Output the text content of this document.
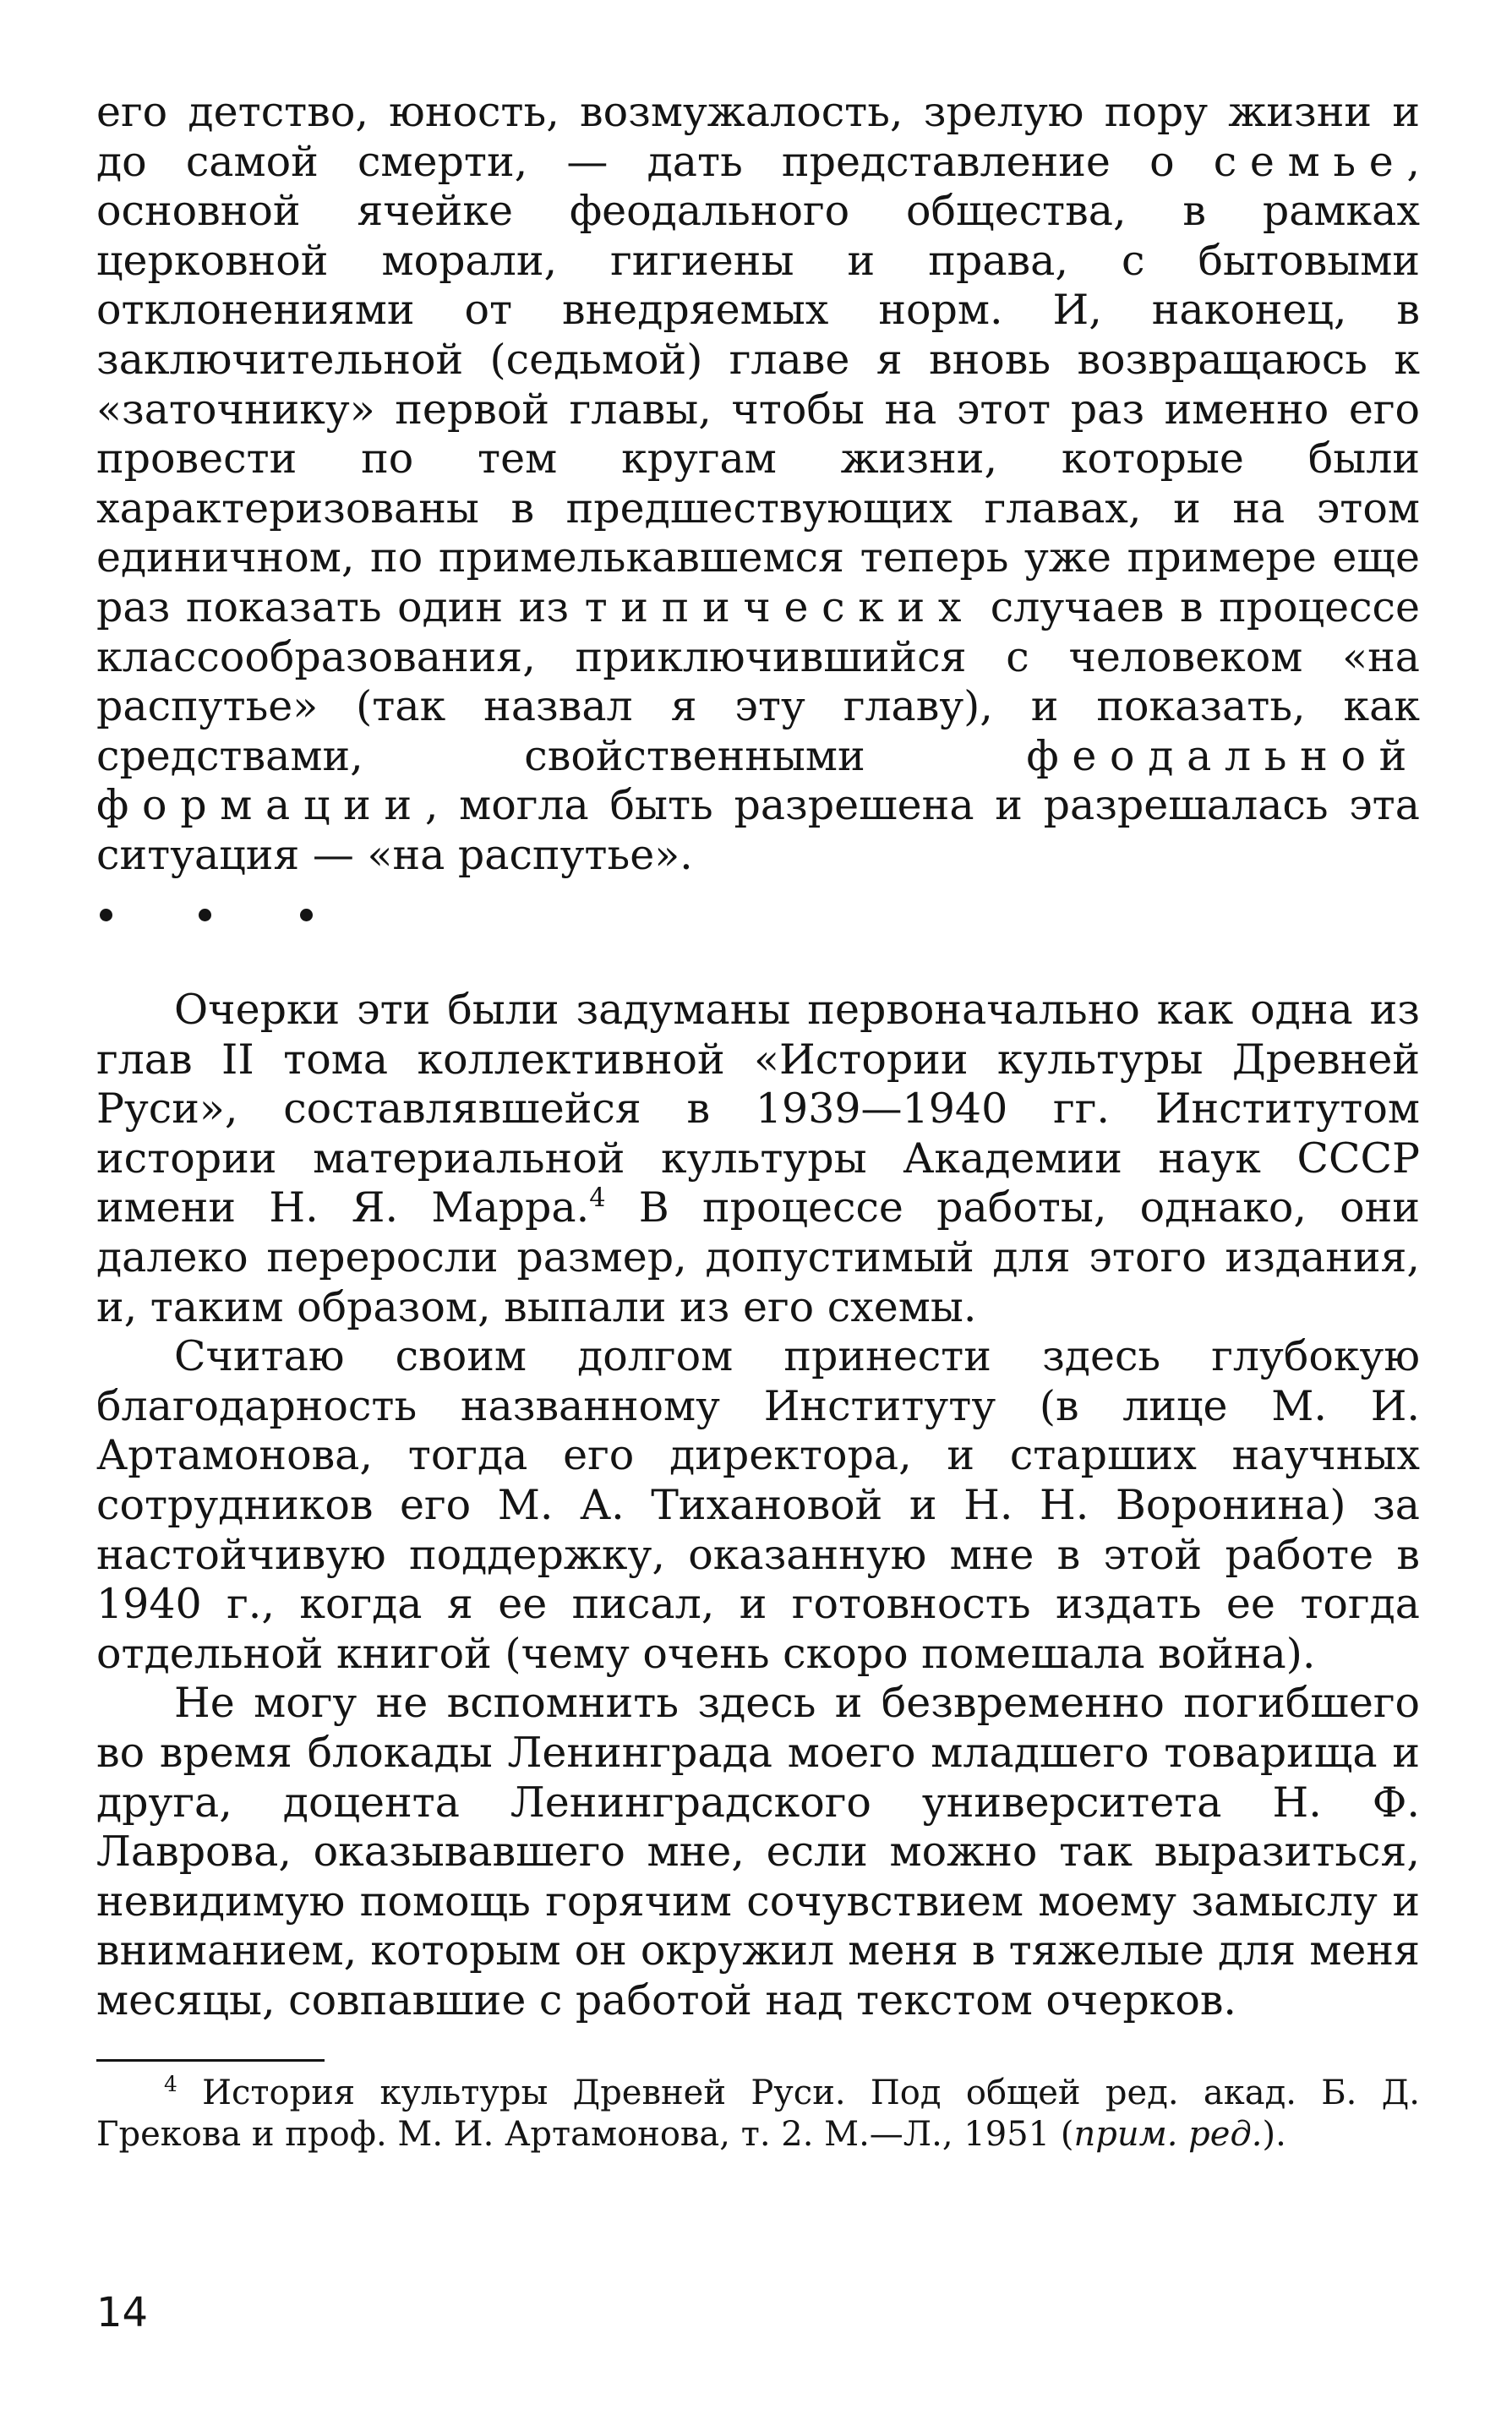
его детство, юность, возмужалость, зрелую пору жизни и до самой смерти, — дать представление о семье, основной ячейке феодального общества, в рамках церковной морали, гигиены и права, с бытовыми отклонениями от внедряемых норм. И, наконец, в заключительной (седьмой) главе я вновь возвращаюсь к «заточнику» первой главы, чтобы на этот раз именно его провести по тем кругам жизни, которые были характеризованы в предшествующих главах, и на этом единичном, по примелькавшемся теперь уже примере еще раз показать один из типических случаев в процессе классообразования, приключившийся с человеком «на распутье» (так назвал я эту главу), и показать, как средствами, свойственными феодальной формации, могла быть разрешена и разрешалась эта ситуация — «на распутье».

Очерки эти были задуманы первоначально как одна из глав II тома коллективной «Истории культуры Древней Руси», составлявшейся в 1939—1940 гг. Институтом истории материальной культуры Академии наук СССР имени Н. Я. Марра.$^4$ В процессе работы, однако, они далеко переросли размер, допустимый для этого издания, и, таким образом, выпали из его схемы.

Считаю своим долгом принести здесь глубокую благодарность названному Институту (в лице М. И. Артамонова, тогда его директора, и старших научных сотрудников его М. А. Тихановой и Н. Н. Воронина) за настойчивую поддержку, оказанную мне в этой работе в 1940 г., когда я ее писал, и готовность издать ее тогда отдельной книгой (чему очень скоро помешала война).

Не могу не вспомнить здесь и безвременно погибшего во время блокады Ленинграда моего младшего товарища и друга, доцента Ленинградского университета Н. Ф. Лаврова, оказывавшего мне, если можно так выразиться, невидимую помощь горячим сочувствием моему замыслу и вниманием, которым он окружил меня в тяжелые для меня месяцы, совпавшие с работой над текстом очерков.

$^4$ История культуры Древней Руси. Под общей ред. акад. Б. Д. Грекова и проф. М. И. Артамонова, т. 2. М.—Л., 1951 (прим. ред.).

14
